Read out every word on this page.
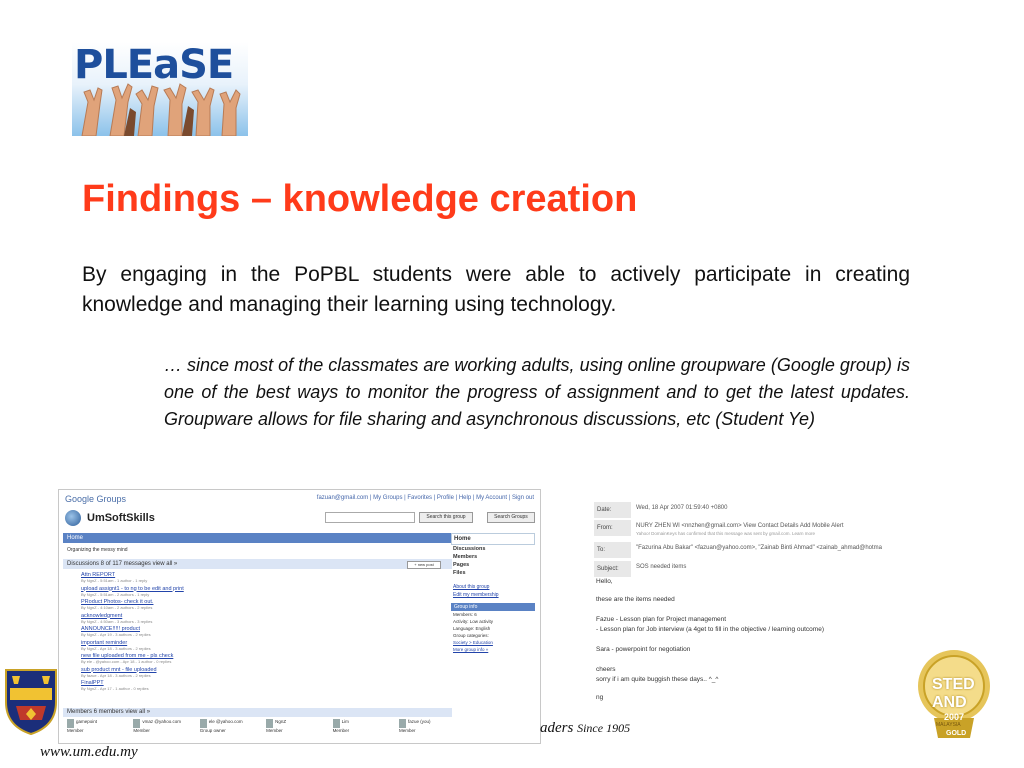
PLEaSE
Findings – knowledge creation
By engaging in the PoPBL students were able to actively participate in creating knowledge and managing their learning using technology.
… since most of the classmates are working adults, using online groupware (Google group) is one of the best ways to monitor the progress of assignment and to get the latest updates. Groupware allows for file sharing and asynchronous discussions, etc (Student Ye)
Google Groups	fazuan@gmail.com | My Groups | Favorites | Profile | Help | My Account | Sign out
UmSoftSkills	Search this group	Search Groups
Home
Organizing the messy mind
Discussions 8 of 117 messages view all »	+ new post
Attn REPORT
By NgnZ - 5:51am - 1 author - 1 reply
upload assignt1 - to ng to be edit and print
By NgnZ - 5:51am - 2 authors - 1 reply
PRoduct Photos- check it out.
By NgnZ - 4:10am - 2 authors - 2 replies
acknowledgment
By NgnZ - 4:50am - 3 authors - 3 replies
ANNOUNCE!!!!! product
By NgnZ - Apr 19 - 3 authors - 2 replies
important reminder
By NgnZ - Apr 18 - 3 authors - 2 replies
new file uploaded from me - pls check
By ele - @yahoo.com - Apr 18 - 1 author - 0 replies
sub product mnt - file uploaded
By fazue - Apr 18 - 3 authors - 2 replies
FinalPPT
By NgnZ - Apr 17 - 1 author - 0 replies
Members 6 members view all »
gamepoint
Member
vmaz @yahoo.com
Member
ele @yahoo.com
Group owner
NgnZ
Member
Lim
Member
fazue (you)
Member
Home
Discussions
Members
Pages
Files
About this group
Edit my membership
Group info
Members: 6
Activity: Low activity
Language: English
Group categories:
Society > Education
More group info »
Date:	Wed, 18 Apr 2007 01:59:40 +0800
From:	NURY ZHEN WI <nnzhen@gmail.com> View Contact Details Add Mobile Alert
Yahoo! DomainKeys has confirmed that this message was sent by gmail.com. Learn more
To:	"Fazurina Abu Bakar" <fazuan@yahoo.com>, "Zainab Binti Ahmad" <zainab_ahmad@hotma
Subject:	SOS needed items
Hello,
these are the items needed
Fazue - Lesson plan for Project management
- Lesson plan for Job interview (a 4get to fill in the objective / learning outcome)
Sara - powerpoint for negotiation
cheers
sorry if i am quite buggish these days.. ^_^
ng
STED AND
2007
MALAYSIA
GOLD
aders Since 1905
www.um.edu.my
